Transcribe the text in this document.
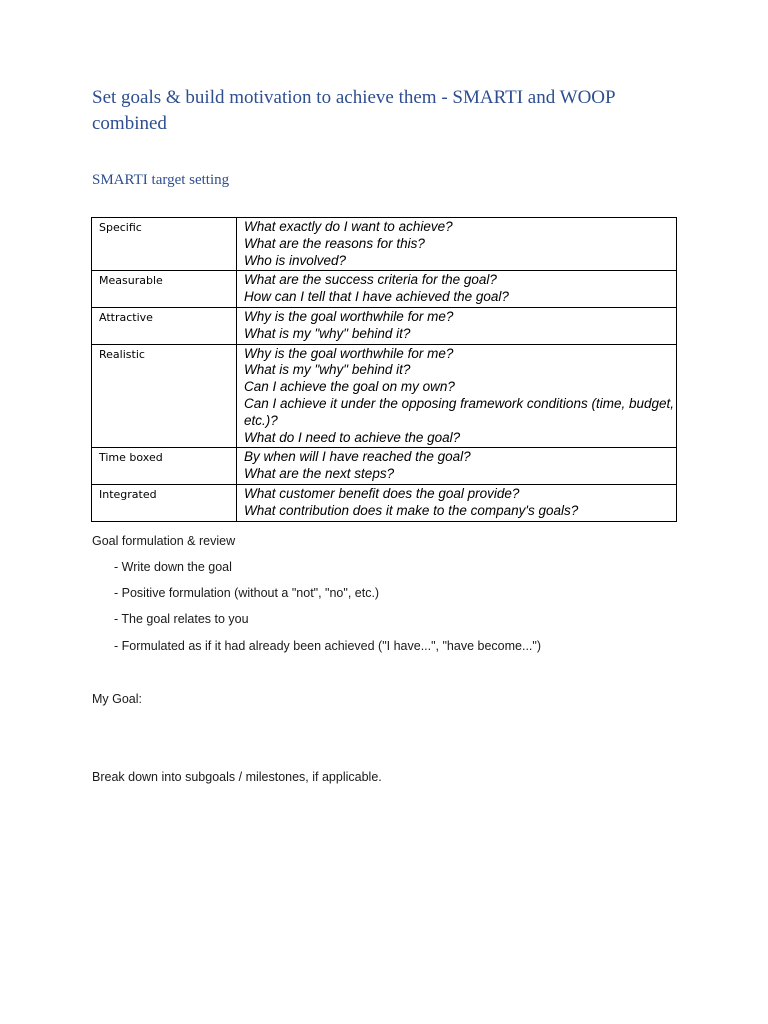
Set goals & build motivation to achieve them - SMARTI and WOOP combined
SMARTI target setting
Specific	What exactly do I want to achieve?
What are the reasons for this?
Who is involved?

Measurable	What are the success criteria for the goal?
How can I tell that I have achieved the goal?

Attractive	Why is the goal worthwhile for me?
What is my "why" behind it?

Realistic	Why is the goal worthwhile for me?
What is my "why" behind it?
Can I achieve the goal on my own?
Can I achieve it under the opposing framework conditions (time, budget, etc.)?
What do I need to achieve the goal?

Time boxed	By when will I have reached the goal?
What are the next steps?

Integrated	What customer benefit does the goal provide?
What contribution does it make to the company's goals?

Goal formulation & review

- Write down the goal

- Positive formulation (without a "not", "no", etc.)

- The goal relates to you

- Formulated as if it had already been achieved ("I have...", "have become...")

My Goal:

Break down into subgoals / milestones, if applicable.
